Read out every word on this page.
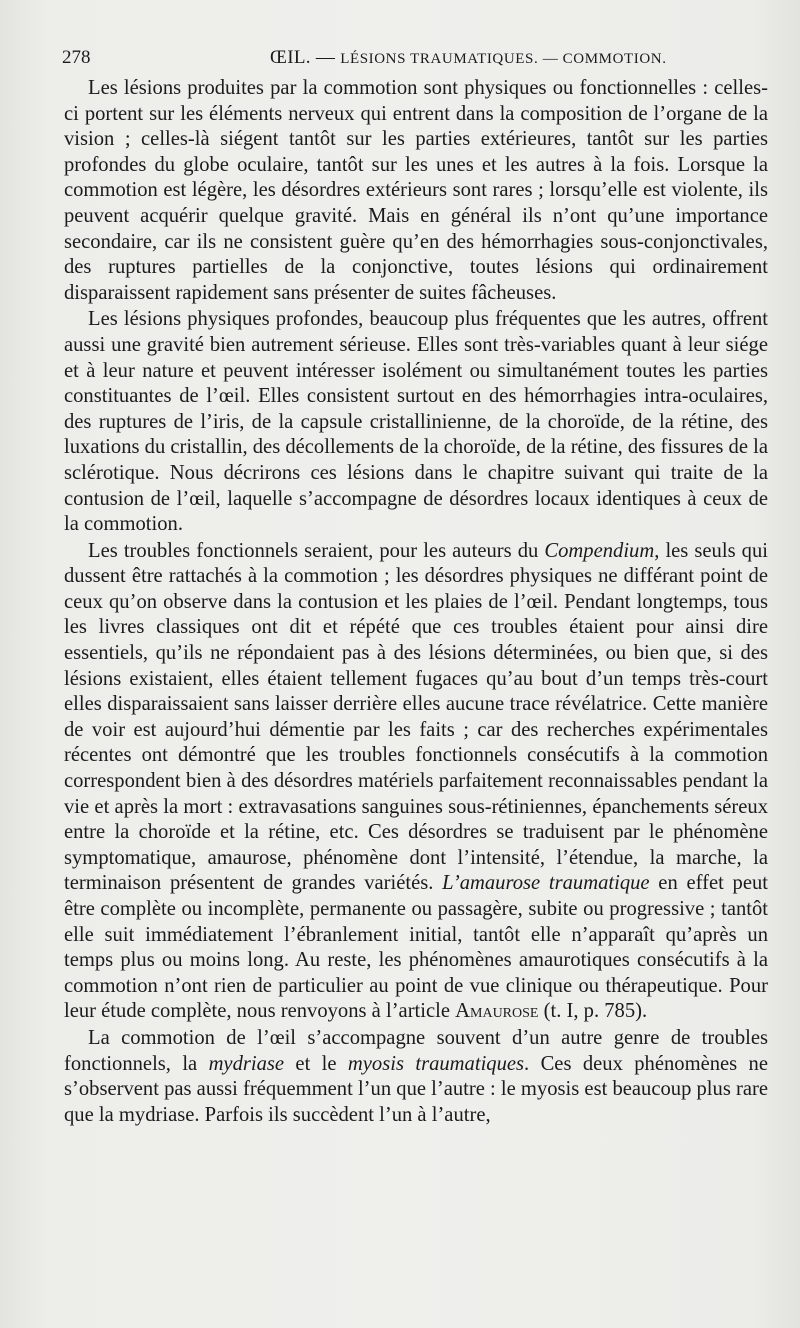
278	ŒIL. — LÉSIONS TRAUMATIQUES. — COMMOTION.

Les lésions produites par la commotion sont physiques ou fonctionnelles : celles-ci portent sur les éléments nerveux qui entrent dans la composition de l’organe de la vision ; celles-là siégent tantôt sur les parties extérieures, tantôt sur les parties profondes du globe oculaire, tantôt sur les unes et les autres à la fois. Lorsque la commotion est légère, les désordres extérieurs sont rares ; lorsqu’elle est violente, ils peuvent acquérir quelque gravité. Mais en général ils n’ont qu’une importance secondaire, car ils ne consistent guère qu’en des hémorrhagies sous-conjonctivales, des ruptures partielles de la conjonctive, toutes lésions qui ordinairement disparaissent rapidement sans présenter de suites fâcheuses.

Les lésions physiques profondes, beaucoup plus fréquentes que les autres, offrent aussi une gravité bien autrement sérieuse. Elles sont très-variables quant à leur siége et à leur nature et peuvent intéresser isolément ou simultanément toutes les parties constituantes de l’œil. Elles consistent surtout en des hémorrhagies intra-oculaires, des ruptures de l’iris, de la capsule cristallinienne, de la choroïde, de la rétine, des luxations du cristallin, des décollements de la choroïde, de la rétine, des fissures de la sclérotique. Nous décrirons ces lésions dans le chapitre suivant qui traite de la contusion de l’œil, laquelle s’accompagne de désordres locaux identiques à ceux de la commotion.

Les troubles fonctionnels seraient, pour les auteurs du Compendium, les seuls qui dussent être rattachés à la commotion ; les désordres physiques ne différant point de ceux qu’on observe dans la contusion et les plaies de l’œil. Pendant longtemps, tous les livres classiques ont dit et répété que ces troubles étaient pour ainsi dire essentiels, qu’ils ne répondaient pas à des lésions déterminées, ou bien que, si des lésions existaient, elles étaient tellement fugaces qu’au bout d’un temps très-court elles disparaissaient sans laisser derrière elles aucune trace révélatrice. Cette manière de voir est aujourd’hui démentie par les faits ; car des recherches expérimentales récentes ont démontré que les troubles fonctionnels consécutifs à la commotion correspondent bien à des désordres matériels parfaitement reconnaissables pendant la vie et après la mort : extravasations sanguines sous-rétiniennes, épanchements séreux entre la choroïde et la rétine, etc. Ces désordres se traduisent par le phénomène symptomatique, amaurose, phénomène dont l’intensité, l’étendue, la marche, la terminaison présentent de grandes variétés. L’amaurose traumatique en effet peut être complète ou incomplète, permanente ou passagère, subite ou progressive ; tantôt elle suit immédiatement l’ébranlement initial, tantôt elle n’apparaît qu’après un temps plus ou moins long. Au reste, les phénomènes amaurotiques consécutifs à la commotion n’ont rien de particulier au point de vue clinique ou thérapeutique. Pour leur étude complète, nous renvoyons à l’article Amaurose (t. I, p. 785).

La commotion de l’œil s’accompagne souvent d’un autre genre de troubles fonctionnels, la mydriase et le myosis traumatiques. Ces deux phénomènes ne s’observent pas aussi fréquemment l’un que l’autre : le myosis est beaucoup plus rare que la mydriase. Parfois ils succèdent l’un à l’autre,
